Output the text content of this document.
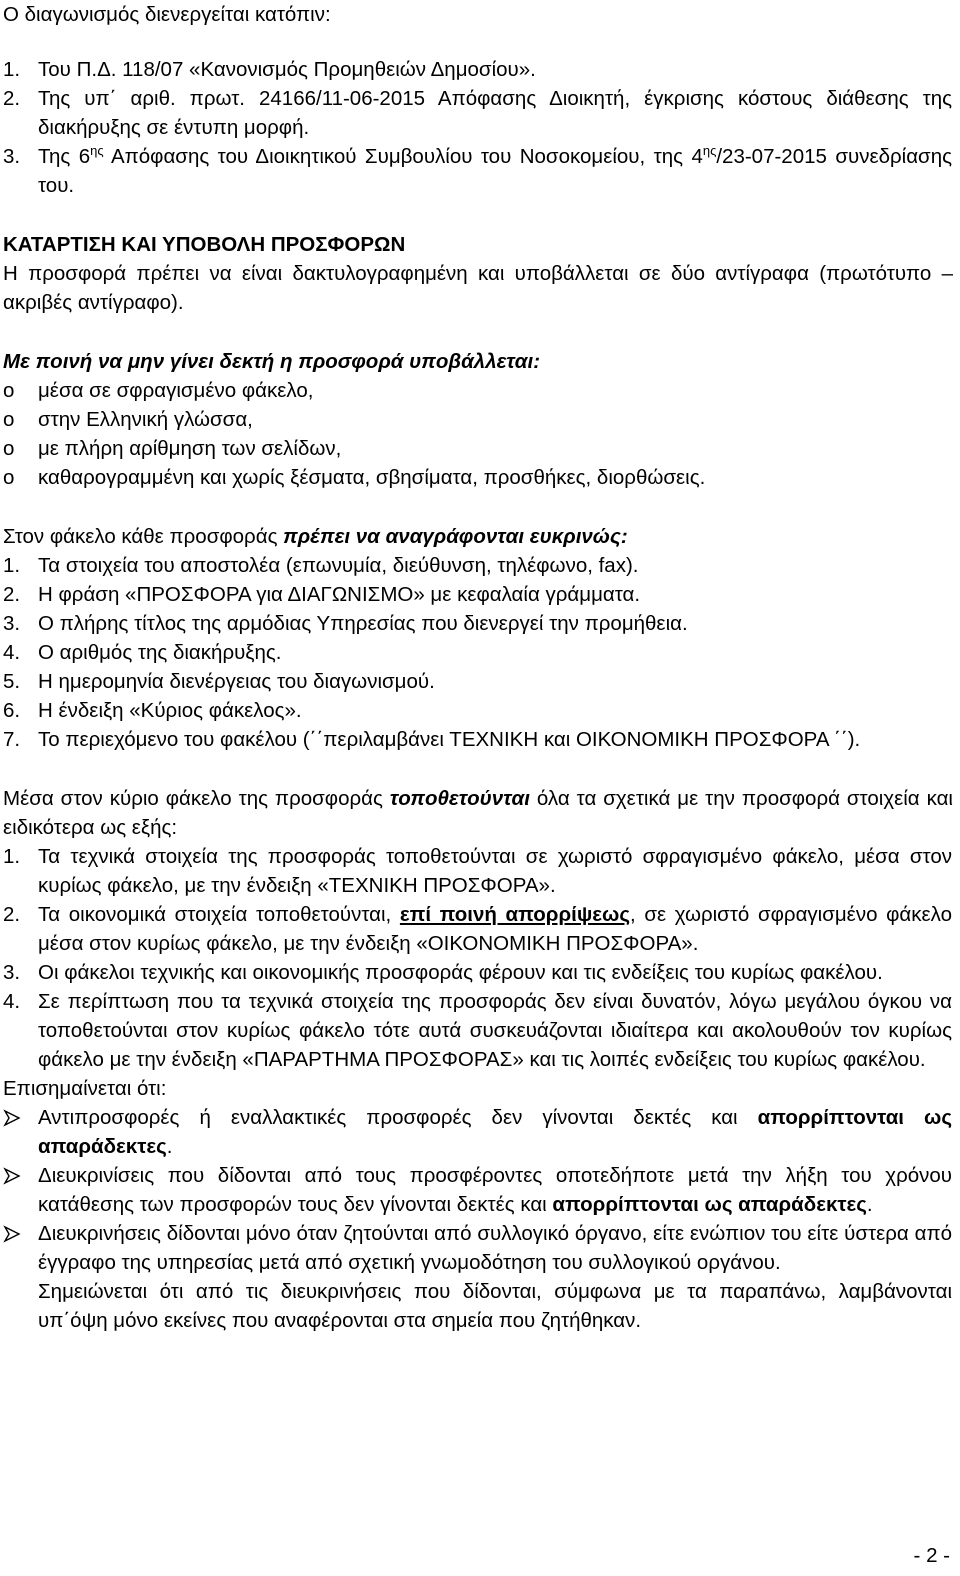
Ο διαγωνισμός διενεργείται κατόπιν:

1. Του Π.Δ. 118/07 «Κανονισμός Προμηθειών Δημοσίου».
2. Της υπ΄ αριθ. πρωτ. 24166/11-06-2015 Απόφασης Διοικητή, έγκρισης κόστους διάθεσης της διακήρυξης σε έντυπη μορφή.
3. Της $6^{\eta\varsigma}$ Απόφασης του Διοικητικού Συμβουλίου του Νοσοκομείου, της $4^{\eta\varsigma}/23-07-2015$ συνεδρίασης του.

ΚΑΤΑΡΤΙΣΗ ΚΑΙ ΥΠΟΒΟΛΗ ΠΡΟΣΦΟΡΩΝ

Η προσφορά πρέπει να είναι δακτυλογραφημένη και υποβάλλεται σε δύο αντίγραφα (πρωτότυπο – ακριβές αντίγραφο).

Με ποινή να μην γίνει δεκτή η προσφορά υποβάλλεται:

o μέσα σε σφραγισμένο φάκελο,
o στην Ελληνική γλώσσα,
o με πλήρη αρίθμηση των σελίδων,
o καθαρογραμμένη και χωρίς ξέσματα, σβησίματα, προσθήκες, διορθώσεις.

Στον φάκελο κάθε προσφοράς πρέπει να αναγράφονται ευκρινώς:

1. Τα στοιχεία του αποστολέα (επωνυμία, διεύθυνση, τηλέφωνο, fax).
2. Η φράση «ΠΡΟΣΦΟΡΑ για ΔΙΑΓΩΝΙΣΜΟ» με κεφαλαία γράμματα.
3. Ο πλήρης τίτλος της αρμόδιας Υπηρεσίας που διενεργεί την προμήθεια.
4. Ο αριθμός της διακήρυξης.
5. Η ημερομηνία διενέργειας του διαγωνισμού.
6. Η ένδειξη «Κύριος φάκελος».
7. Το περιεχόμενο του φακέλου (΄΄περιλαμβάνει ΤΕΧΝΙΚΗ και ΟΙΚΟΝΟΜΙΚΗ ΠΡΟΣΦΟΡΑ ΄΄).

Μέσα στον κύριο φάκελο της προσφοράς τοποθετούνται όλα τα σχετικά με την προσφορά στοιχεία και ειδικότερα ως εξής:

1. Τα τεχνικά στοιχεία της προσφοράς τοποθετούνται σε χωριστό σφραγισμένο φάκελο, μέσα στον κυρίως φάκελο, με την ένδειξη «ΤΕΧΝΙΚΗ ΠΡΟΣΦΟΡΑ».
2. Τα οικονομικά στοιχεία τοποθετούνται, επί ποινή απορρίψεως, σε χωριστό σφραγισμένο φάκελο μέσα στον κυρίως φάκελο, με την ένδειξη «ΟΙΚΟΝΟΜΙΚΗ ΠΡΟΣΦΟΡΑ».
3. Οι φάκελοι τεχνικής και οικονομικής προσφοράς φέρουν και τις ενδείξεις του κυρίως φακέλου.
4. Σε περίπτωση που τα τεχνικά στοιχεία της προσφοράς δεν είναι δυνατόν, λόγω μεγάλου όγκου να τοποθετούνται στον κυρίως φάκελο τότε αυτά συσκευάζονται ιδιαίτερα και ακολουθούν τον κυρίως φάκελο με την ένδειξη «ΠΑΡΑΡΤΗΜΑ ΠΡΟΣΦΟΡΑΣ» και τις λοιπές ενδείξεις του κυρίως φακέλου.

Επισημαίνεται ότι:

Αντιπροσφορές ή εναλλακτικές προσφορές δεν γίνονται δεκτές και απορρίπτονται ως απαράδεκτες.
Διευκρινίσεις που δίδονται από τους προσφέροντες οποτεδήποτε μετά την λήξη του χρόνου κατάθεσης των προσφορών τους δεν γίνονται δεκτές και απορρίπτονται ως απαράδεκτες.
Διευκρινήσεις δίδονται μόνο όταν ζητούνται από συλλογικό όργανο, είτε ενώπιον του είτε ύστερα από έγγραφο της υπηρεσίας μετά από σχετική γνωμοδότηση του συλλογικού οργάνου.
Σημειώνεται ότι από τις διευκρινήσεις που δίδονται, σύμφωνα με τα παραπάνω, λαμβάνονται υπ΄όψη μόνο εκείνες που αναφέρονται στα σημεία που ζητήθηκαν.
- 2 -
